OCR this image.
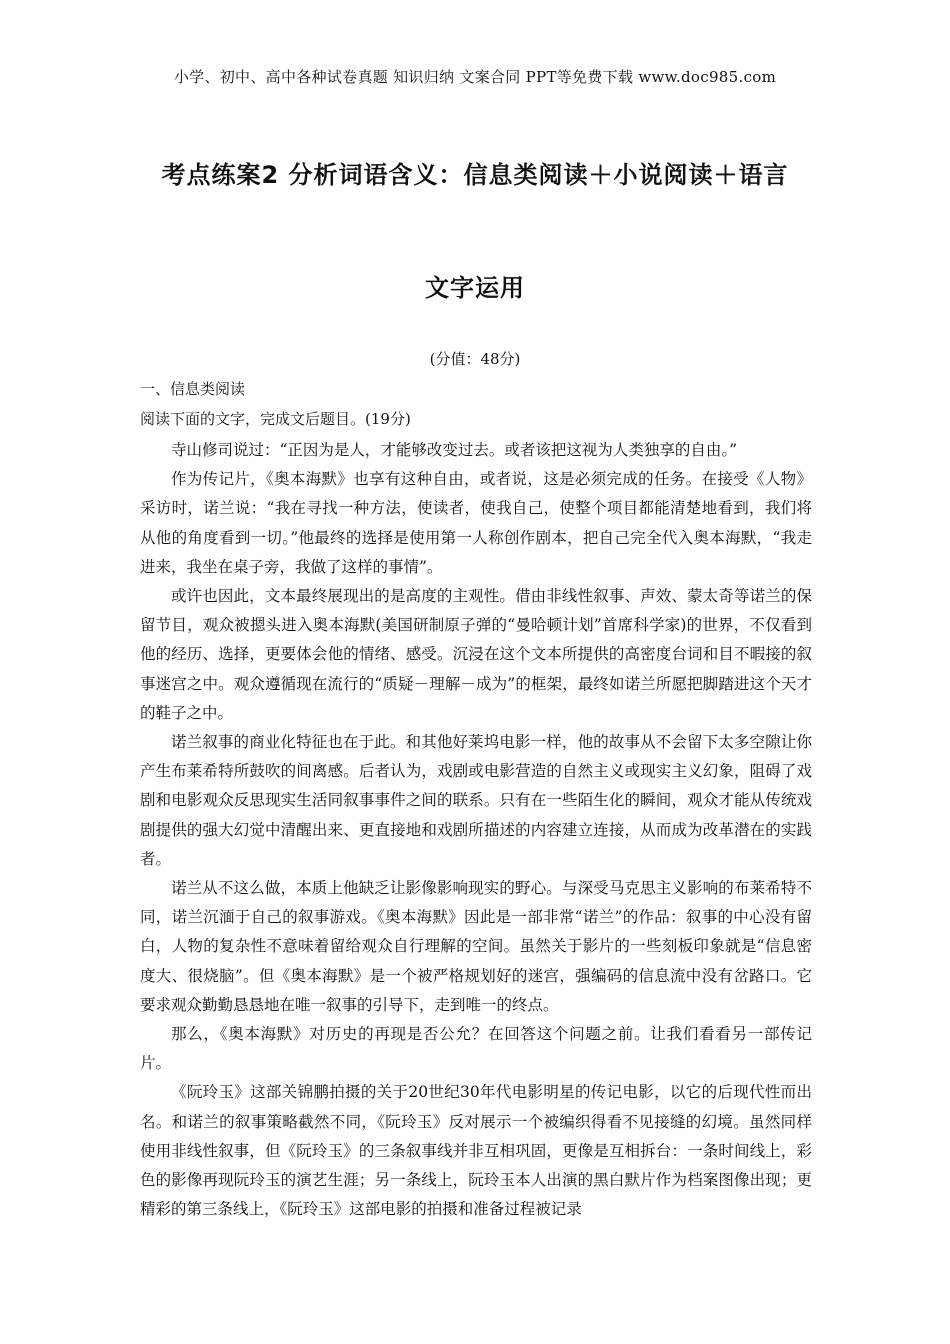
小学、初中、高中各种试卷真题 知识归纳 文案合同 PPT等免费下载 www.doc985.com
考点练案2 分析词语含义：信息类阅读＋小说阅读＋语言
文字运用
(分值：48分)
一、信息类阅读
阅读下面的文字，完成文后题目。(19分)

寺山修司说过：“正因为是人，才能够改变过去。或者该把这视为人类独享的自由。”

作为传记片，《奥本海默》也享有这种自由，或者说，这是必须完成的任务。在接受《人物》采访时，诺兰说：“我在寻找一种方法，使读者，使我自己，使整个项目都能清楚地看到，我们将从他的角度看到一切。”他最终的选择是使用第一人称创作剧本，把自己完全代入奥本海默，“我走进来，我坐在桌子旁，我做了这样的事情”。

或许也因此，文本最终展现出的是高度的主观性。借由非线性叙事、声效、蒙太奇等诺兰的保留节目，观众被摁头进入奥本海默(美国研制原子弹的“曼哈顿计划”首席科学家)的世界，不仅看到他的经历、选择，更要体会他的情绪、感受。沉浸在这个文本所提供的高密度台词和目不暇接的叙事迷宫之中。观众遵循现在流行的“质疑－理解－成为”的框架，最终如诺兰所愿把脚踏进这个天才的鞋子之中。

诺兰叙事的商业化特征也在于此。和其他好莱坞电影一样，他的故事从不会留下太多空隙让你产生布莱希特所鼓吹的间离感。后者认为，戏剧或电影营造的自然主义或现实主义幻象，阻碍了戏剧和电影观众反思现实生活同叙事事件之间的联系。只有在一些陌生化的瞬间，观众才能从传统戏剧提供的强大幻觉中清醒出来、更直接地和戏剧所描述的内容建立连接，从而成为改革潜在的实践者。

诺兰从不这么做，本质上他缺乏让影像影响现实的野心。与深受马克思主义影响的布莱希特不同，诺兰沉湎于自己的叙事游戏。《奥本海默》因此是一部非常“诺兰”的作品：叙事的中心没有留白，人物的复杂性不意味着留给观众自行理解的空间。虽然关于影片的一些刻板印象就是“信息密度大、很烧脑”。但《奥本海默》是一个被严格规划好的迷宫，强编码的信息流中没有岔路口。它要求观众勤勤恳恳地在唯一叙事的引导下，走到唯一的终点。

那么，《奥本海默》对历史的再现是否公允？在回答这个问题之前。让我们看看另一部传记片。

《阮玲玉》这部关锦鹏拍摄的关于20世纪30年代电影明星的传记电影，以它的后现代性而出名。和诺兰的叙事策略截然不同，《阮玲玉》反对展示一个被编织得看不见接缝的幻境。虽然同样使用非线性叙事，但《阮玲玉》的三条叙事线并非互相巩固，更像是互相拆台：一条时间线上，彩色的影像再现阮玲玉的演艺生涯；另一条线上，阮玲玉本人出演的黑白默片作为档案图像出现；更精彩的第三条线上，《阮玲玉》这部电影的拍摄和准备过程被记录
